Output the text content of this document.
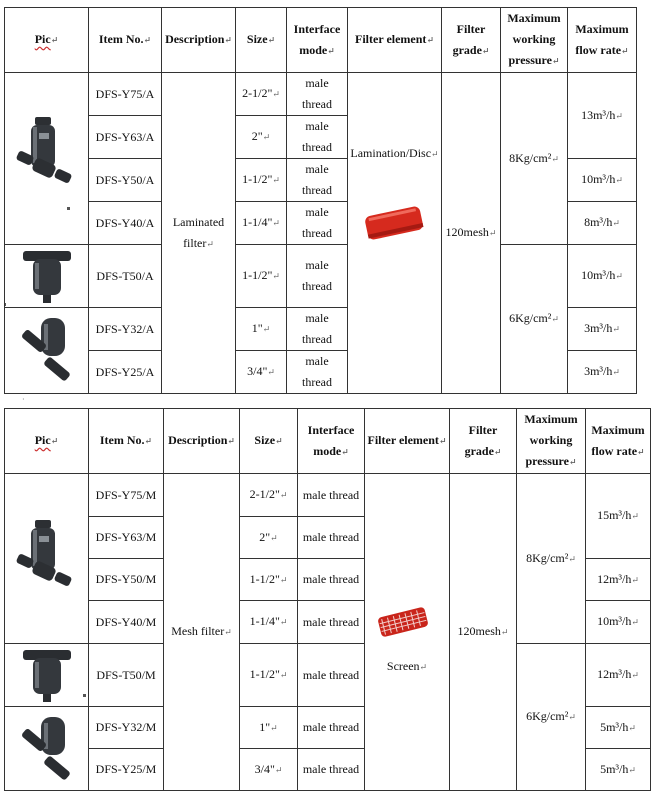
Pic↵	Item No.↵	Description↵	Size↵	Interface mode↵	Filter element↵	Filter grade↵	Maximum working pressure↵	Maximum flow rate↵

	DFS-Y75/A	Laminated filter↵	2-1/2"↵	male thread	Lamination/Disc↵	120mesh↵	8Kg/cm²↵	13m³/h↵
	DFS-Y63/A		2"↵	male thread				
	DFS-Y50/A		1-1/2"↵	male thread				10m³/h↵
	DFS-Y40/A		1-1/4"↵	male thread				8m³/h↵

	DFS-T50/A		1-1/2"↵	male thread			6Kg/cm²↵	10m³/h↵

	DFS-Y32/A		1"↵	male thread				3m³/h↵
	DFS-Y25/A		3/4"↵	male thread				3m³/h↵
·
Pic↵	Item No.↵	Description↵	Size↵	Interface mode↵	Filter element↵	Filter grade↵	Maximum working pressure↵	Maximum flow rate↵

	DFS-Y75/M	Mesh filter↵	2-1/2"↵	male thread	Screen↵	120mesh↵	8Kg/cm²↵	15m³/h↵
	DFS-Y63/M		2"↵	male thread				
	DFS-Y50/M		1-1/2"↵	male thread				12m³/h↵
	DFS-Y40/M		1-1/4"↵	male thread				10m³/h↵

	DFS-T50/M		1-1/2"↵	male thread			6Kg/cm²↵	12m³/h↵

	DFS-Y32/M		1"↵	male thread				5m³/h↵
	DFS-Y25/M		3/4"↵	male thread				5m³/h↵
